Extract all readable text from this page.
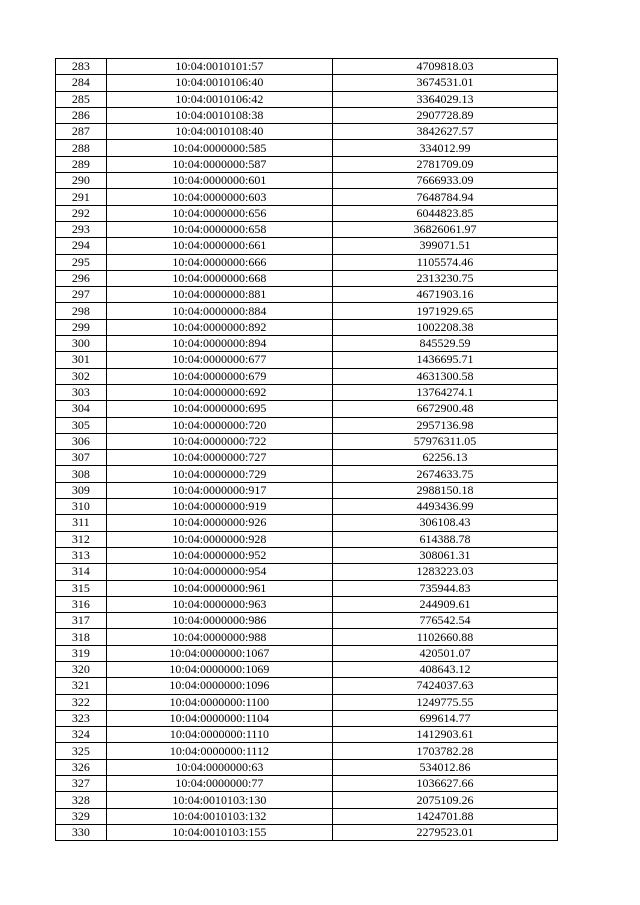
283	10:04:0010101:57	4709818.03
284	10:04:0010106:40	3674531.01
285	10:04:0010106:42	3364029.13
286	10:04:0010108:38	2907728.89
287	10:04:0010108:40	3842627.57
288	10:04:0000000:585	334012.99
289	10:04:0000000:587	2781709.09
290	10:04:0000000:601	7666933.09
291	10:04:0000000:603	7648784.94
292	10:04:0000000:656	6044823.85
293	10:04:0000000:658	36826061.97
294	10:04:0000000:661	399071.51
295	10:04:0000000:666	1105574.46
296	10:04:0000000:668	2313230.75
297	10:04:0000000:881	4671903.16
298	10:04:0000000:884	1971929.65
299	10:04:0000000:892	1002208.38
300	10:04:0000000:894	845529.59
301	10:04:0000000:677	1436695.71
302	10:04:0000000:679	4631300.58
303	10:04:0000000:692	13764274.1
304	10:04:0000000:695	6672900.48
305	10:04:0000000:720	2957136.98
306	10:04:0000000:722	57976311.05
307	10:04:0000000:727	62256.13
308	10:04:0000000:729	2674633.75
309	10:04:0000000:917	2988150.18
310	10:04:0000000:919	4493436.99
311	10:04:0000000:926	306108.43
312	10:04:0000000:928	614388.78
313	10:04:0000000:952	308061.31
314	10:04:0000000:954	1283223.03
315	10:04:0000000:961	735944.83
316	10:04:0000000:963	244909.61
317	10:04:0000000:986	776542.54
318	10:04:0000000:988	1102660.88
319	10:04:0000000:1067	420501.07
320	10:04:0000000:1069	408643.12
321	10:04:0000000:1096	7424037.63
322	10:04:0000000:1100	1249775.55
323	10:04:0000000:1104	699614.77
324	10:04:0000000:1110	1412903.61
325	10:04:0000000:1112	1703782.28
326	10:04:0000000:63	534012.86
327	10:04:0000000:77	1036627.66
328	10:04:0010103:130	2075109.26
329	10:04:0010103:132	1424701.88
330	10:04:0010103:155	2279523.01
